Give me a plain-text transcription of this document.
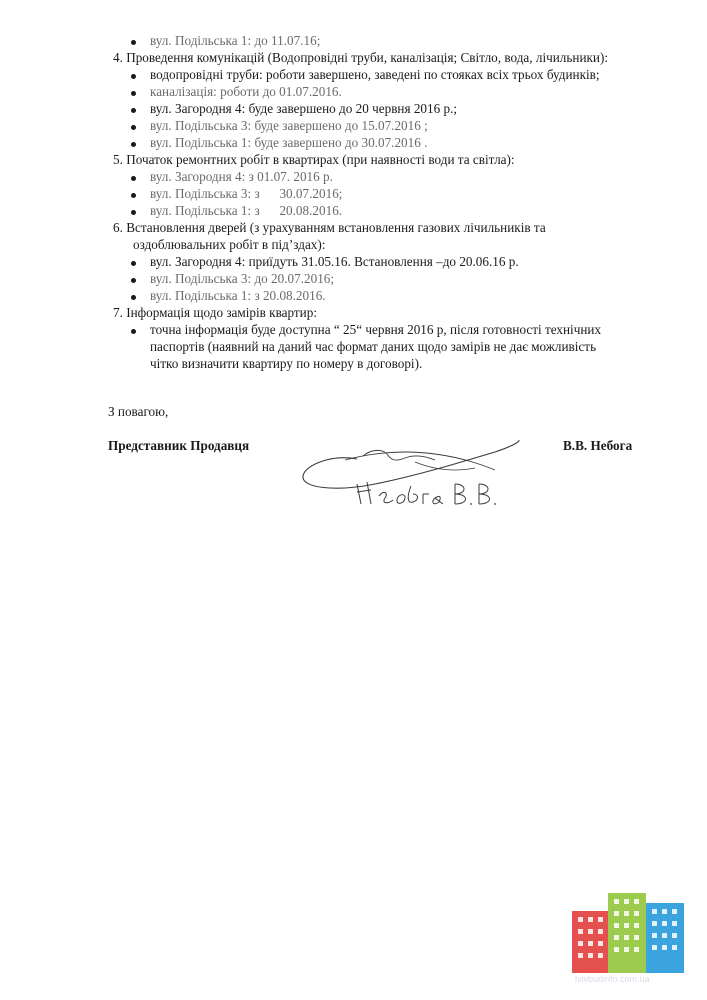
вул. Подільська 1: до 11.07.16;
4. Проведення комунікацій (Водопровідні труби, каналізація; Світло, вода, лічильники):
водопровідні труби: роботи завершено, заведені по стояках всіх трьох будинків;
каналізація: роботи до 01.07.2016.
вул. Загородня 4: буде завершено до 20 червня 2016 р.;
вул. Подільська 3: буде завершено до 15.07.2016 ;
вул. Подільська 1: буде завершено до 30.07.2016 .
5. Початок ремонтних робіт в квартирах (при наявності води та світла):
вул. Загородня 4: з 01.07. 2016 р.
вул. Подільська 3: з      30.07.2016;
вул. Подільська 1: з      20.08.2016.
6. Встановлення дверей (з урахуванням встановлення газових лічильників та
оздоблювальних робіт в під’здах):
вул. Загородня 4: приїдуть 31.05.16. Встановлення –до 20.06.16 р.
вул. Подільська 3: до 20.07.2016;
вул. Подільська 1: з 20.08.2016.
7. Інформація щодо замірів квартир:
точна інформація буде доступна “ 25“ червня 2016 р, після готовності технічних
паспортів (наявний на даний час формат даних щодо замірів не дає можливість
чітко визначити квартиру по номеру в договорі).
З повагою,
Представник Продавця	В.В. Небога
lvivbudinfo.com.ua
